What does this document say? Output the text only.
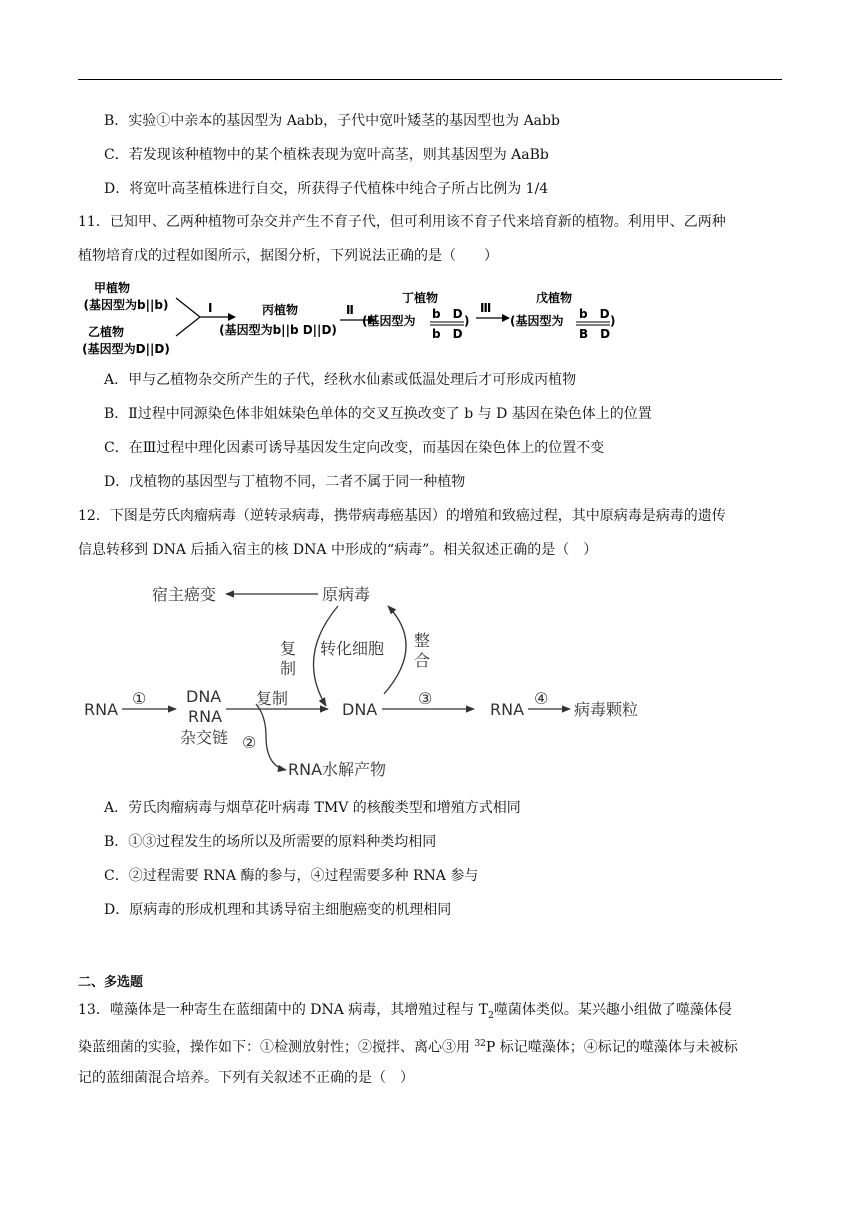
B．实验①中亲本的基因型为 Aabb，子代中宽叶矮茎的基因型也为 Aabb
C．若发现该种植物中的某个植株表现为宽叶高茎，则其基因型为 AaBb
D．将宽叶高茎植株进行自交，所获得子代植株中纯合子所占比例为 1/4
11．已知甲、乙两种植物可杂交并产生不育子代，但可利用该不育子代来培育新的植物。利用甲、乙两种
植物培育戊的过程如图所示，据图分析，下列说法正确的是（　　）
甲植物
(基因型为b||b)
乙植物
(基因型为D||D)
Ⅰ	丙植物
(基因型为b||b D||D)
Ⅱ
丁植物
(基因型为 b　D
b　D
)
Ⅲ
戊植物
(基因型为 b　D
B　D
)
A．甲与乙植物杂交所产生的子代，经秋水仙素或低温处理后才可形成丙植物
B．Ⅱ过程中同源染色体非姐妹染色单体的交叉互换改变了 b 与 D 基因在染色体上的位置
C．在Ⅲ过程中理化因素可诱导基因发生定向改变，而基因在染色体上的位置不变
D．戊植物的基因型与丁植物不同，二者不属于同一种植物
12．下图是劳氏肉瘤病毒（逆转录病毒，携带病毒癌基因）的增殖和致癌过程，其中原病毒是病毒的遗传
信息转移到 DNA 后插入宿主的核 DNA 中形成的“病毒”。相关叙述正确的是（　）
宿主癌变	原病毒
复
制
转化细胞 整
合
RNA
① DNA
RNA
杂交链
复制
DNA
③
RNA
④
病毒颗粒
②
RNA水解产物
A．劳氏肉瘤病毒与烟草花叶病毒 TMV 的核酸类型和增殖方式相同
B．①③过程发生的场所以及所需要的原料种类均相同
C．②过程需要 RNA 酶的参与，④过程需要多种 RNA 参与
D．原病毒的形成机理和其诱导宿主细胞癌变的机理相同
二、多选题
13．噬藻体是一种寄生在蓝细菌中的 DNA 病毒，其增殖过程与 $T_2$噬菌体类似。某兴趣小组做了噬藻体侵
染蓝细菌的实验，操作如下：①检测放射性；②搅拌、离心③用 $^{32}$P 标记噬藻体；④标记的噬藻体与未被标
记的蓝细菌混合培养。下列有关叙述不正确的是（　）
